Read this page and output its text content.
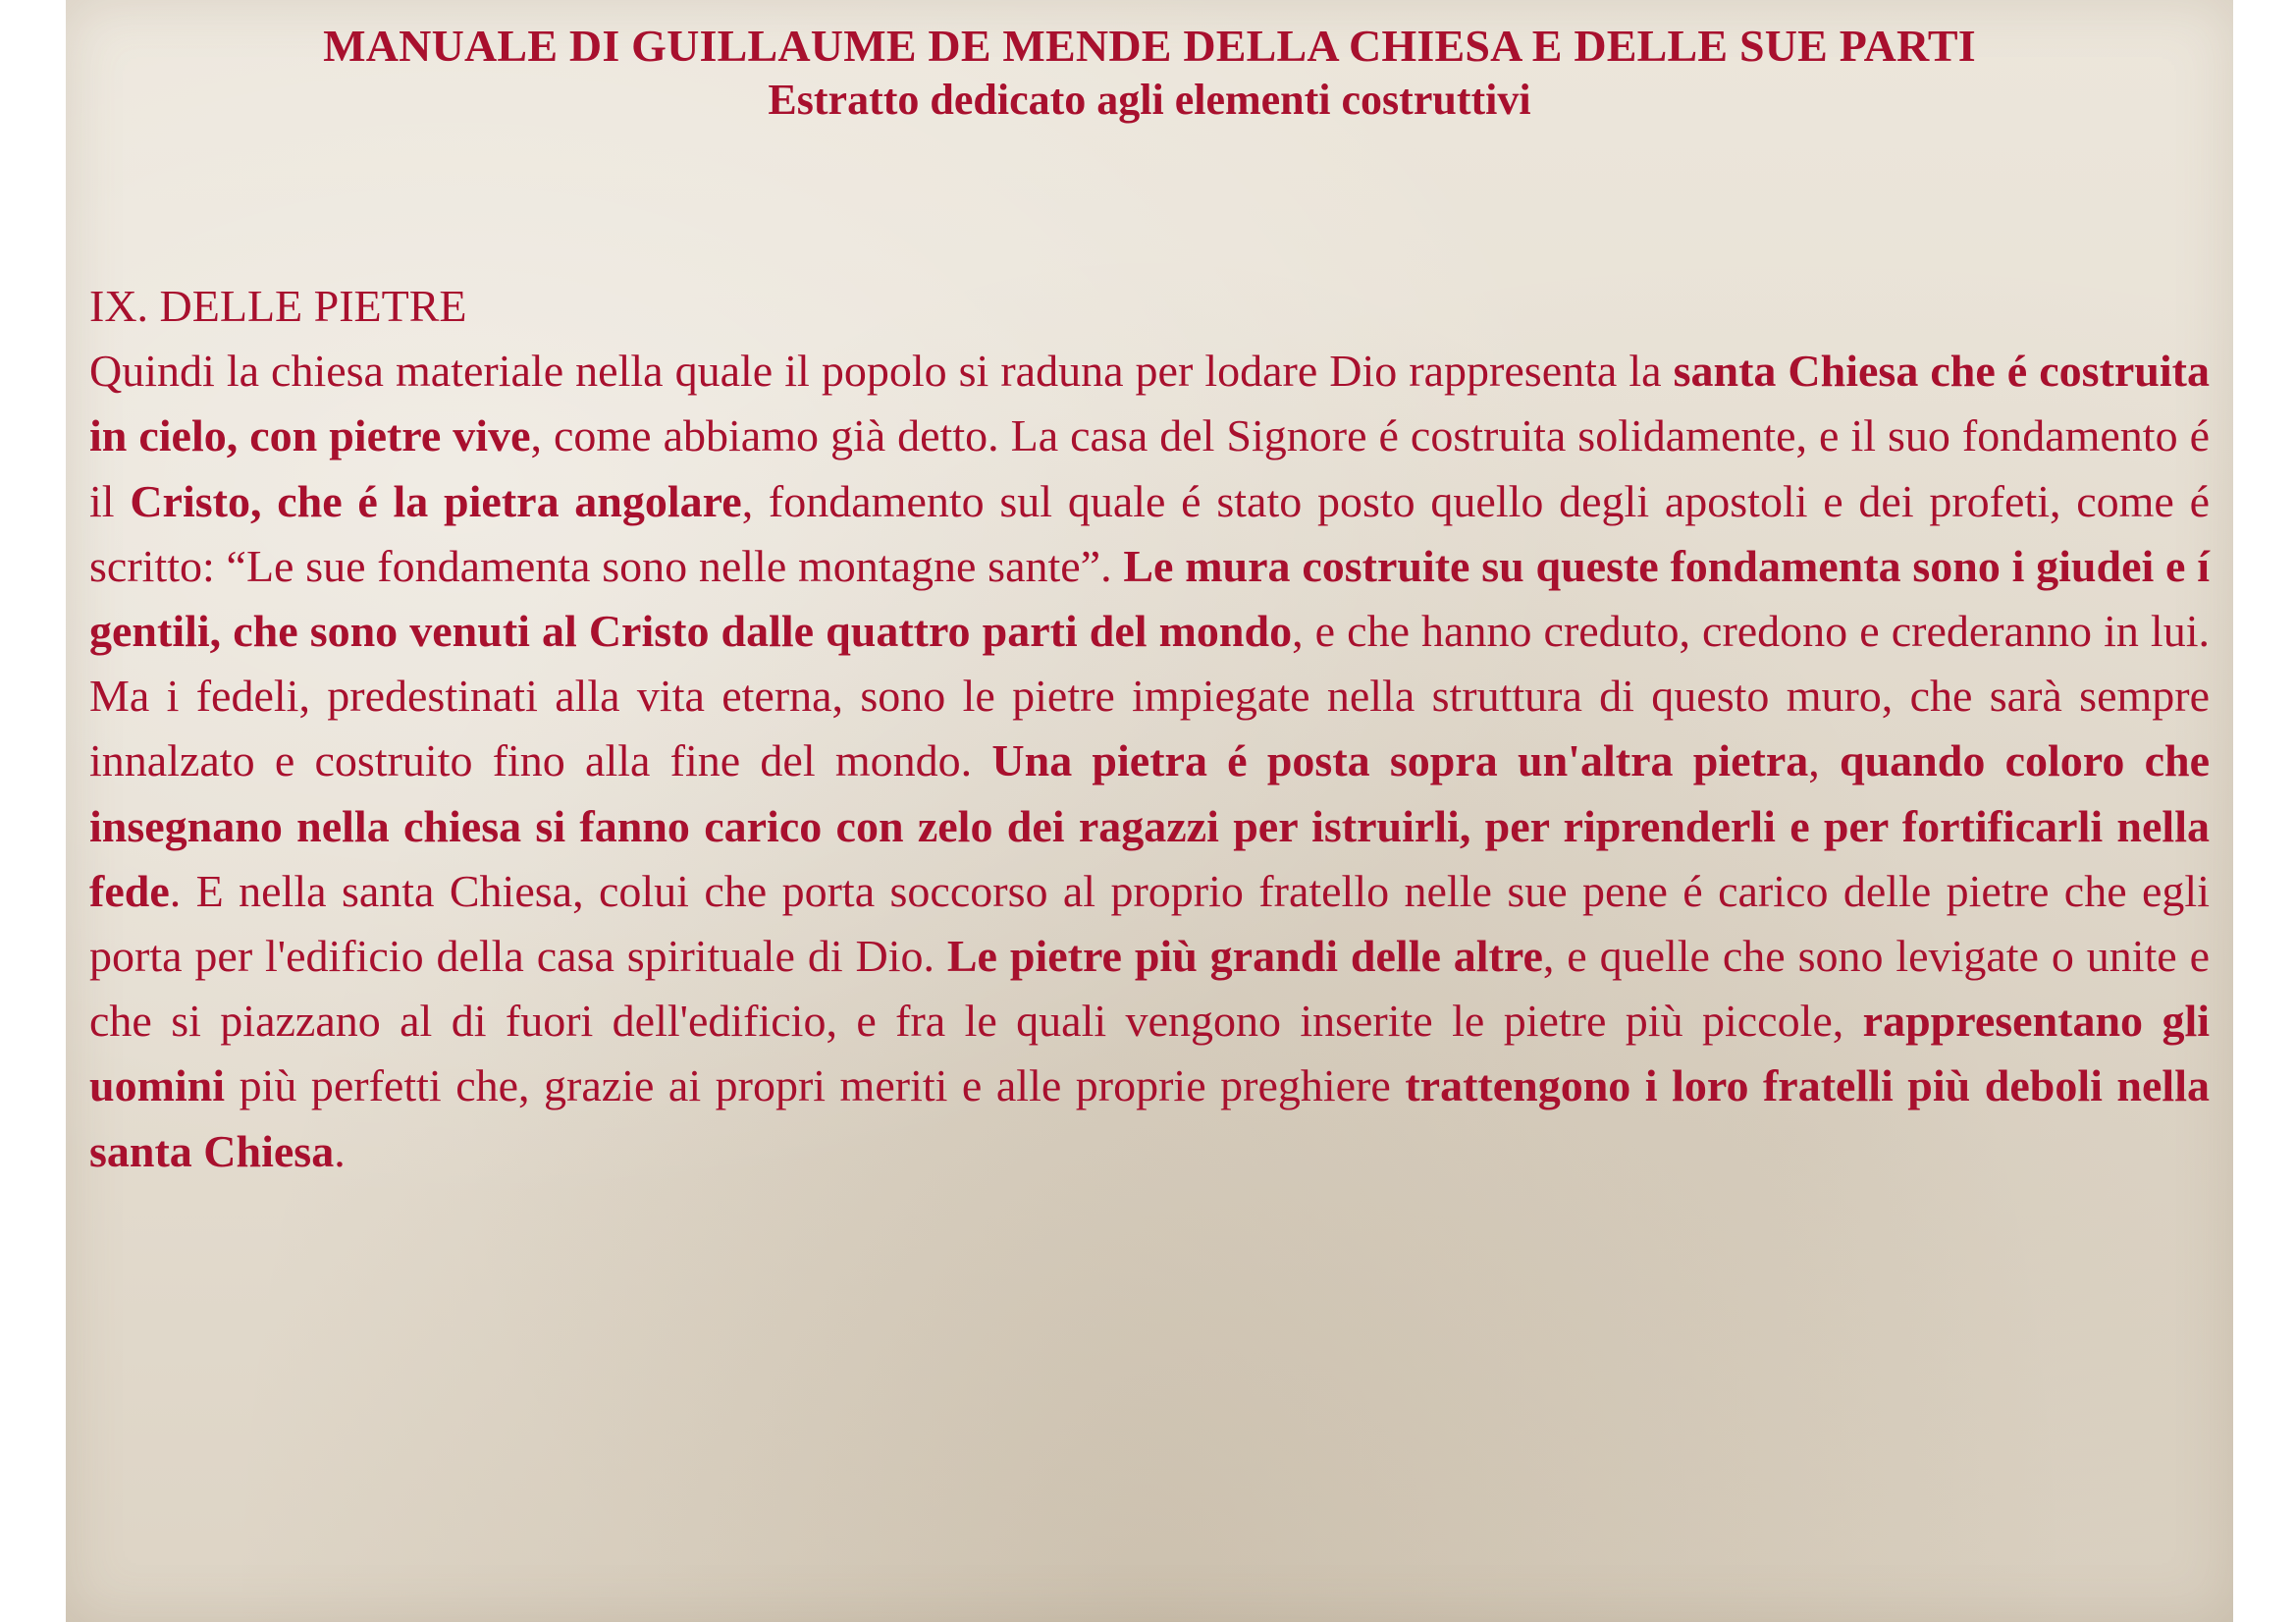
MANUALE DI GUILLAUME DE MENDE DELLA CHIESA E DELLE SUE PARTI
Estratto dedicato agli elementi costruttivi
IX. DELLE PIETRE

Quindi la chiesa materiale nella quale il popolo si raduna per lodare Dio rappresenta la santa Chiesa che é costruita in cielo, con pietre vive, come abbiamo già detto. La casa del Signore é costruita solidamente, e il suo fondamento é il Cristo, che é la pietra angolare, fondamento sul quale é stato posto quello degli apostoli e dei profeti, come é scritto: “Le sue fondamenta sono nelle montagne sante”. Le mura costruite su queste fondamenta sono i giudei e í gentili, che sono venuti al Cristo dalle quattro parti del mondo, e che hanno creduto, credono e crederanno in lui. Ma i fedeli, predestinati alla vita eterna, sono le pietre impiegate nella struttura di questo muro, che sarà sempre innalzato e costruito fino alla fine del mondo. Una pietra é posta sopra un'altra pietra, quando coloro che insegnano nella chiesa si fanno carico con zelo dei ragazzi per istruirli, per riprenderli e per fortificarli nella fede. E nella santa Chiesa, colui che porta soccorso al proprio fratello nelle sue pene é carico delle pietre che egli porta per l'edificio della casa spirituale di Dio. Le pietre più grandi delle altre, e quelle che sono levigate o unite e che si piazzano al di fuori dell'edificio, e fra le quali vengono inserite le pietre più piccole, rappresentano gli uomini più perfetti che, grazie ai propri meriti e alle proprie preghiere trattengono i loro fratelli più deboli nella santa Chiesa.
